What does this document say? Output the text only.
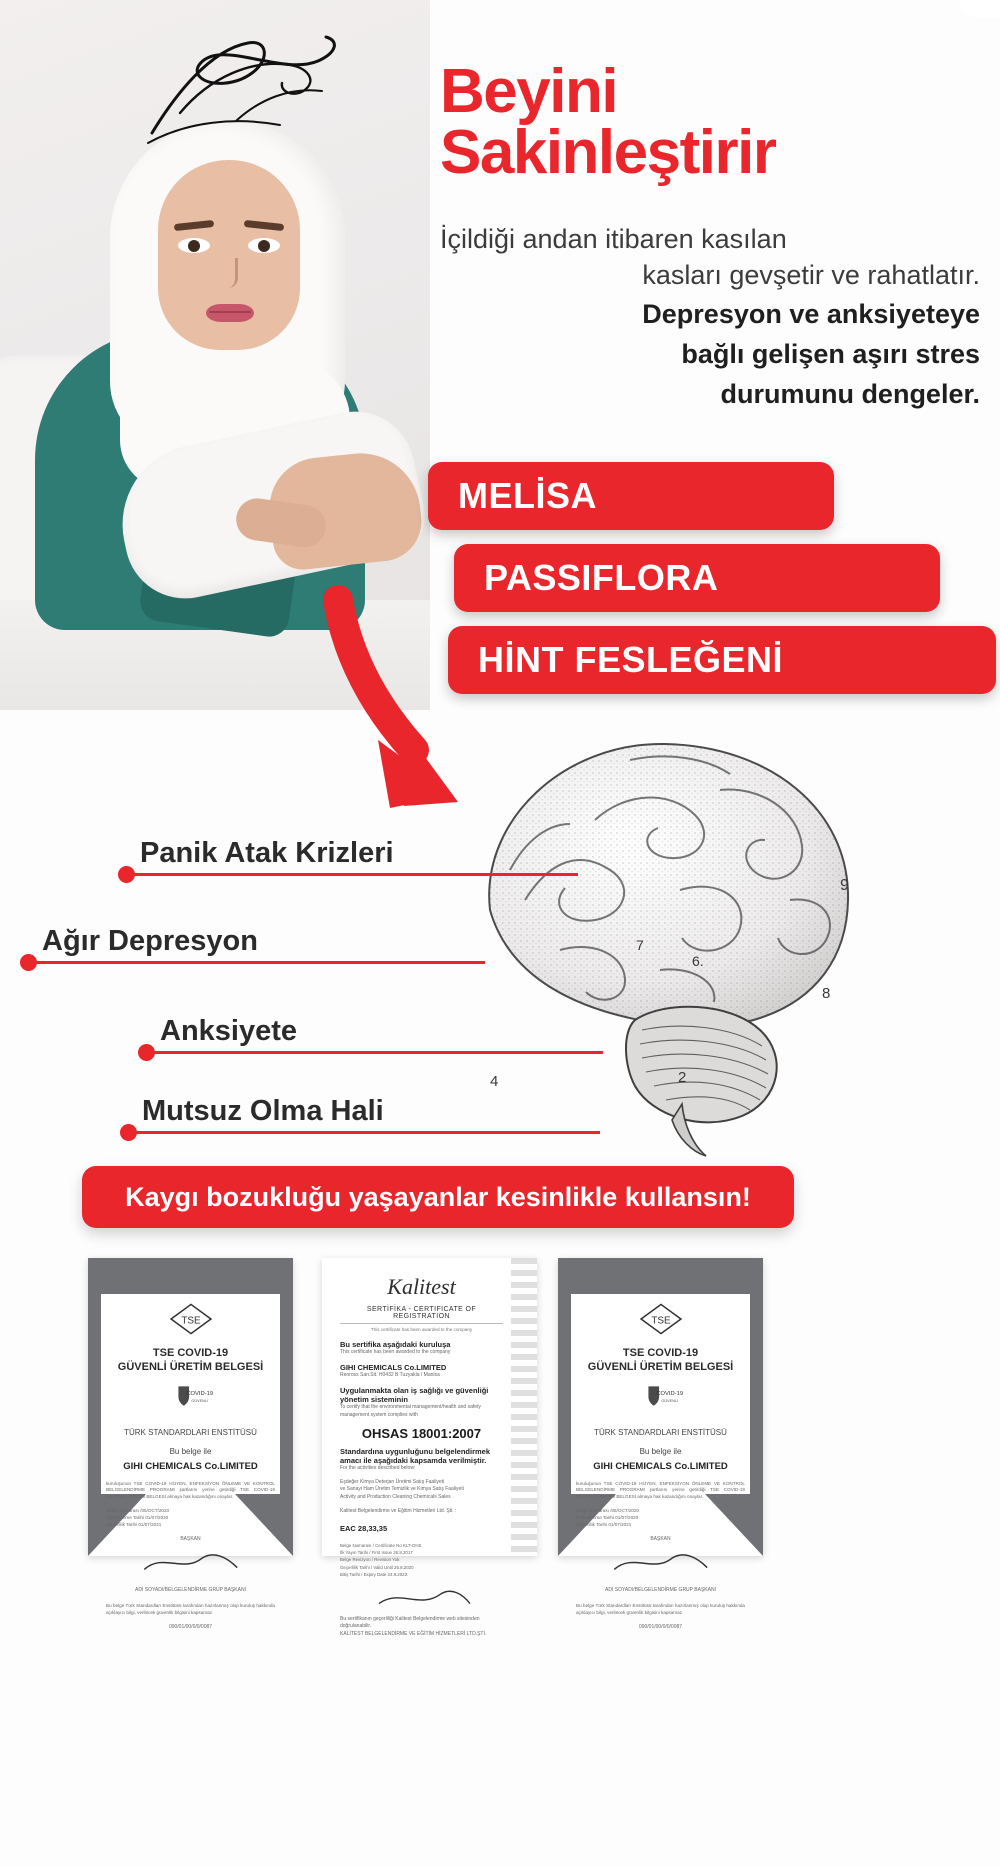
Beyini
Sakinleştirir
İçildiği andan itibaren kasılan
kasları gevşetir ve rahatlatır.
Depresyon ve anksiyeteye
bağlı gelişen aşırı stres
durumunu dengeler.
MELİSA
PASSIFLORA
HİNT FESLEĞENİ
9
7
6.
8
4	2
Panik Atak Krizleri
Ağır Depresyon
Anksiyete
Mutsuz Olma Hali
Kaygı bozukluğu yaşayanlar kesinlikle kullansın!
TSE
TSE COVID-19
GÜVENLİ ÜRETİM BELGESİ
COVID-19
GÜVENLİ
TÜRK STANDARDLARI ENSTİTÜSÜ
Bu belge ile
GIHI CHEMICALS Co.LIMITED
kuruluşunun TSE COVID-19 HİJYEN, ENFEKSİYON ÖNLEME VE KONTROL BELGELENDİRME PROGRAMI şartlarını yerine getirdiği TSE COVID-19 GÜVENLİ ÜRETİM BELGESİ almaya hak kazandığını onaylar.
Belge Numarası /05/OCT/2020
Düzenlenme Tarihi 01/07/2020
Geçerlilik Tarihi 01/07/2021
BAŞKAN
ADI SOYADI/BELGELENDİRME GRUP BAŞKANI
Bu belge Türk Standardları Enstitüsü tarafından hazırlanmış olup kuruluş hakkında açıklayıcı bilgi, verilecek güvenlik bilgisini kapsamaz.
090/01/00/0/0/0087
Kalitest
SERTİFİKA - CERTIFICATE OF REGISTRATION
This certificate has been awarded to the company
Bu sertifika aşağıdaki kuruluşa
This certificate has been awarded to the company
GIHI CHEMICALS Co.LIMITED
Renross San.Sit. H0432 B Tuzyakla / Manisa
Uygulanmakta olan iş sağlığı ve güvenliği yönetim sisteminin
To certify that the environmental management/health and safety management system complies with
OHSAS 18001:2007
Standardına uygunluğunu belgelendirmek amacı ile aşağıdaki kapsamda verilmiştir.
For the activities described below:
Eşdeğer Kimya Deterjan Üretimi Satış Faaliyeti
ve Sanayi Ham Üretim Temizlik ve Kimya Satış Faaliyeti
Activity and Production Cleaning Chemicals Sales
Kalitest Belgelendirme ve Eğitim Hizmetleri Ltd. Şti. :
EAC 28,33,35
Belge Numarası / Certificate No KLT-OHS
İlk Yayın Tarihi / First Issue 26.8.2017
Belge Revizyon / Revision Yok
Geçerlilik Tarihi / Valid Until 25.8.2020
Bitiş Tarihi / Expiry Date 24.9.2023
Bu sertifikanın geçerliliği Kalitest Belgelendirme web sitesinden doğrulanabilir.
KALİTEST BELGELENDİRME VE EĞİTİM HİZMETLERİ LTD.ŞTİ.
TSE
TSE COVID-19
GÜVENLİ ÜRETİM BELGESİ
COVID-19
GÜVENLİ
TÜRK STANDARDLARI ENSTİTÜSÜ
Bu belge ile
GIHI CHEMICALS Co.LIMITED
kuruluşunun TSE COVID-19 HİJYEN, ENFEKSİYON ÖNLEME VE KONTROL BELGELENDİRME PROGRAMI şartlarını yerine getirdiği TSE COVID-19 GÜVENLİ ÜRETİM BELGESİ almaya hak kazandığını onaylar.
Belge Numarası /05/OCT/2020
Düzenlenme Tarihi 01/07/2020
Geçerlilik Tarihi 01/07/2021
BAŞKAN
ADI SOYADI/BELGELENDİRME GRUP BAŞKANI
Bu belge Türk Standardları Enstitüsü tarafından hazırlanmış olup kuruluş hakkında açıklayıcı bilgi, verilecek güvenlik bilgisini kapsamaz.
090/01/00/0/0/0087
